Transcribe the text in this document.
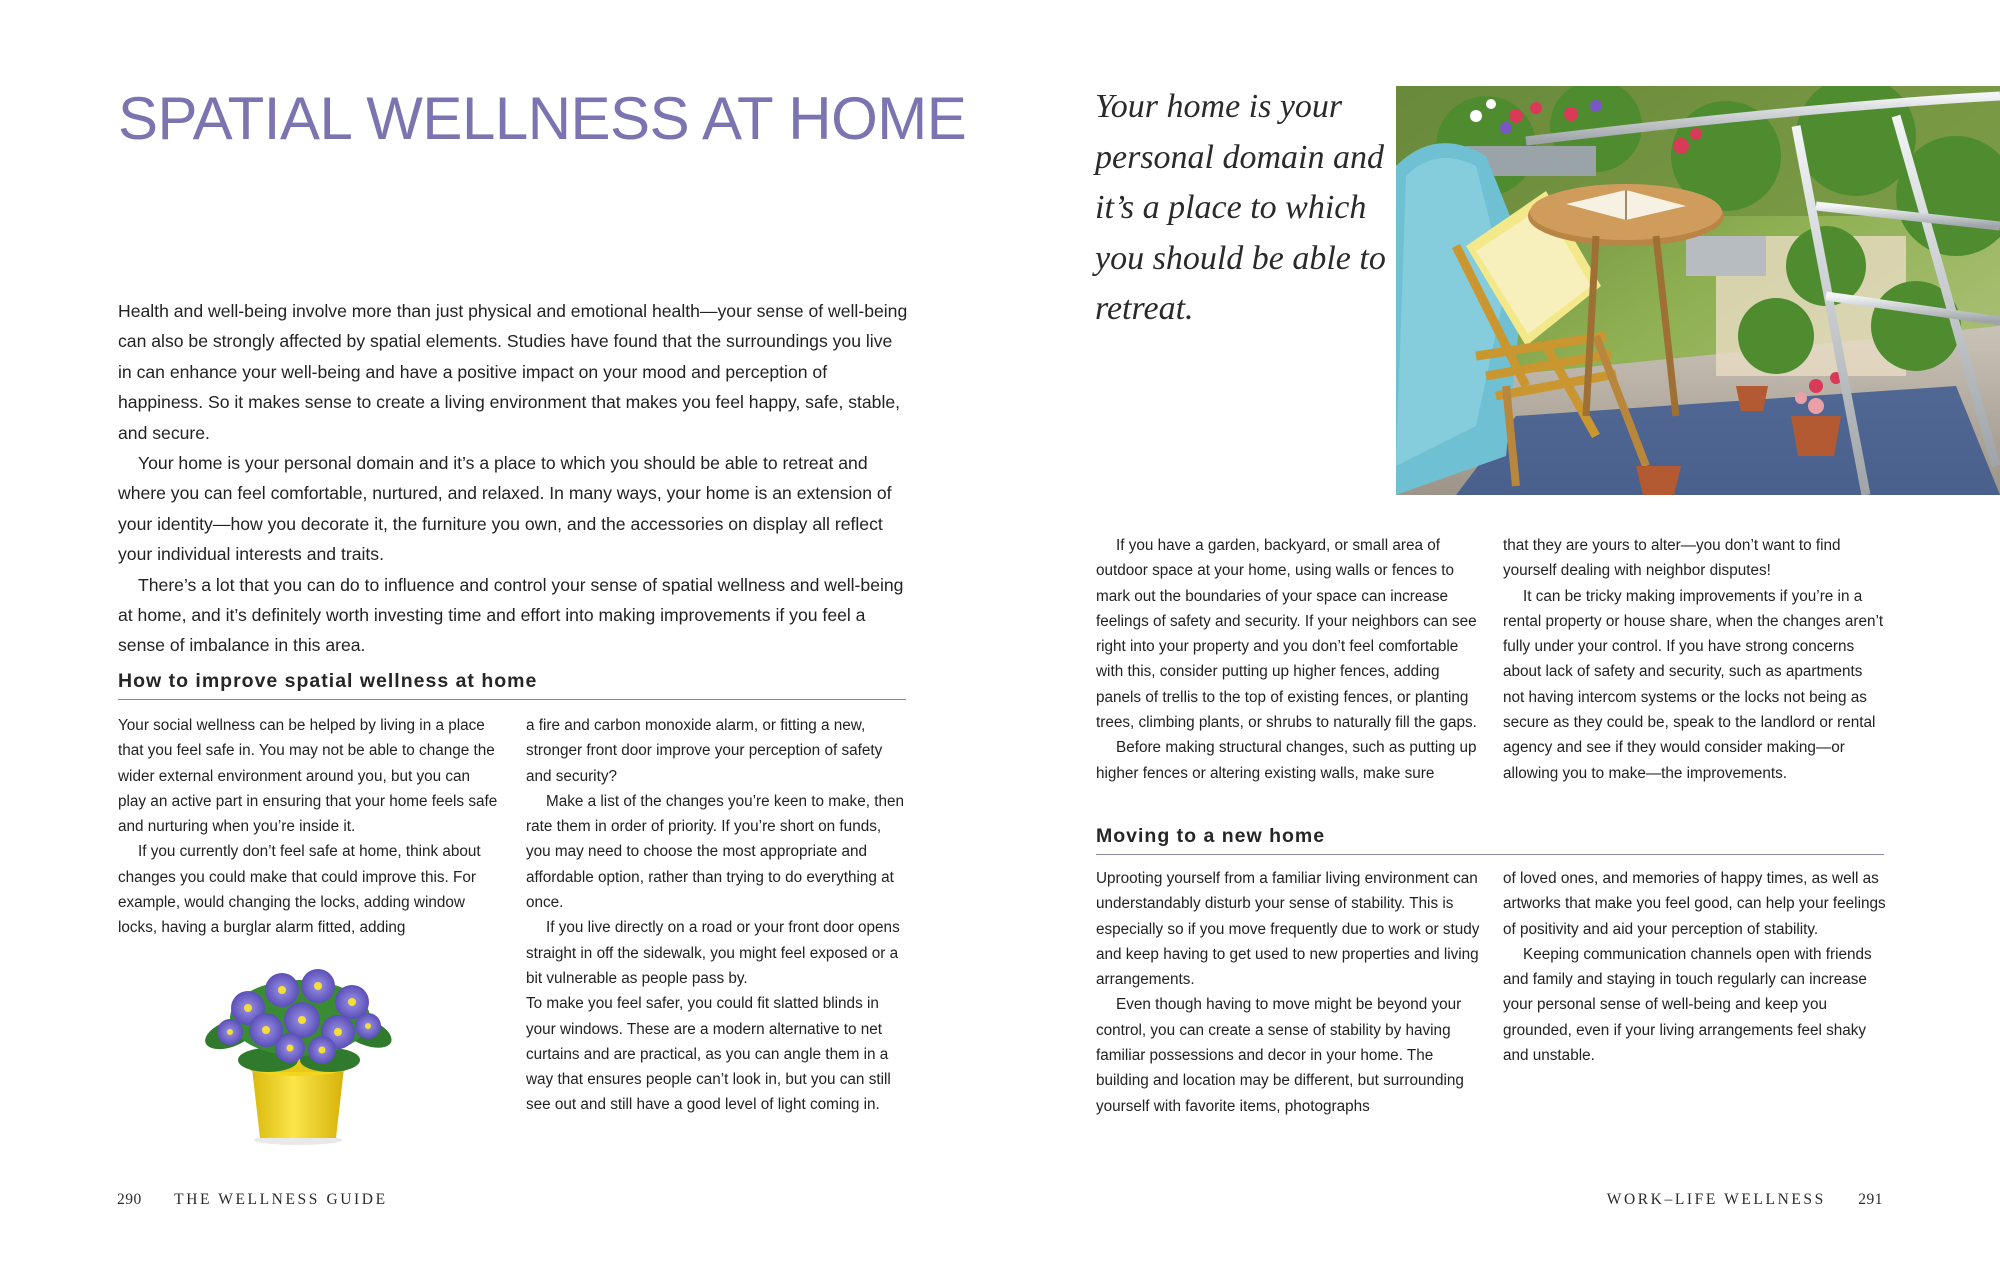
SPATIAL WELLNESS AT HOME

Health and well-being involve more than just physical and emotional health—your sense of well-being can also be strongly affected by spatial elements. Studies have found that the surroundings you live in can enhance your well-being and have a positive impact on your mood and perception of happiness. So it makes sense to create a living environment that makes you feel happy, safe, stable, and secure.

Your home is your personal domain and it’s a place to which you should be able to retreat and where you can feel comfortable, nurtured, and relaxed. In many ways, your home is an extension of your identity—how you decorate it, the furniture you own, and the accessories on display all reflect your individual interests and traits.

There’s a lot that you can do to influence and control your sense of spatial wellness and well-being at home, and it’s definitely worth investing time and effort into making improvements if you feel a sense of imbalance in this area.

How to improve spatial wellness at home

Your social wellness can be helped by living in a place that you feel safe in. You may not be able to change the wider external environment around you, but you can play an active part in ensuring that your home feels safe and nurturing when you’re inside it.

If you currently don’t feel safe at home, think about changes you could make that could improve this. For example, would changing the locks, adding window locks, having a burglar alarm fitted, adding

a fire and carbon monoxide alarm, or fitting a new, stronger front door improve your perception of safety and security?

Make a list of the changes you’re keen to make, then rate them in order of priority. If you’re short on funds, you may need to choose the most appropriate and affordable option, rather than trying to do everything at once.

If you live directly on a road or your front door opens straight in off the sidewalk, you might feel exposed or a bit vulnerable as people pass by.

To make you feel safer, you could fit slatted blinds in your windows. These are a modern alternative to net curtains and are practical, as you can angle them in a way that ensures people can’t look in, but you can still see out and still have a good level of light coming in.

290 THE WELLNESS GUIDE
Your home is your personal domain and it’s a place to which you should be able to retreat.

If you have a garden, backyard, or small area of outdoor space at your home, using walls or fences to mark out the boundaries of your space can increase feelings of safety and security. If your neighbors can see right into your property and you don’t feel comfortable with this, consider putting up higher fences, adding panels of trellis to the top of existing fences, or planting trees, climbing plants, or shrubs to naturally fill the gaps.

Before making structural changes, such as putting up higher fences or altering existing walls, make sure

that they are yours to alter—you don’t want to find yourself dealing with neighbor disputes!

It can be tricky making improvements if you’re in a rental property or house share, when the changes aren’t fully under your control. If you have strong concerns about lack of safety and security, such as apartments not having intercom systems or the locks not being as secure as they could be, speak to the landlord or rental agency and see if they would consider making—or allowing you to make—the improvements.

Moving to a new home

Uprooting yourself from a familiar living environment can understandably disturb your sense of stability. This is especially so if you move frequently due to work or study and keep having to get used to new properties and living arrangements.

Even though having to move might be beyond your control, you can create a sense of stability by having familiar possessions and decor in your home. The building and location may be different, but surrounding yourself with favorite items, photographs

of loved ones, and memories of happy times, as well as artworks that make you feel good, can help your feelings of positivity and aid your perception of stability.

Keeping communication channels open with friends and family and staying in touch regularly can increase your personal sense of well-being and keep you grounded, even if your living arrangements feel shaky and unstable.

WORK–LIFE WELLNESS 291
